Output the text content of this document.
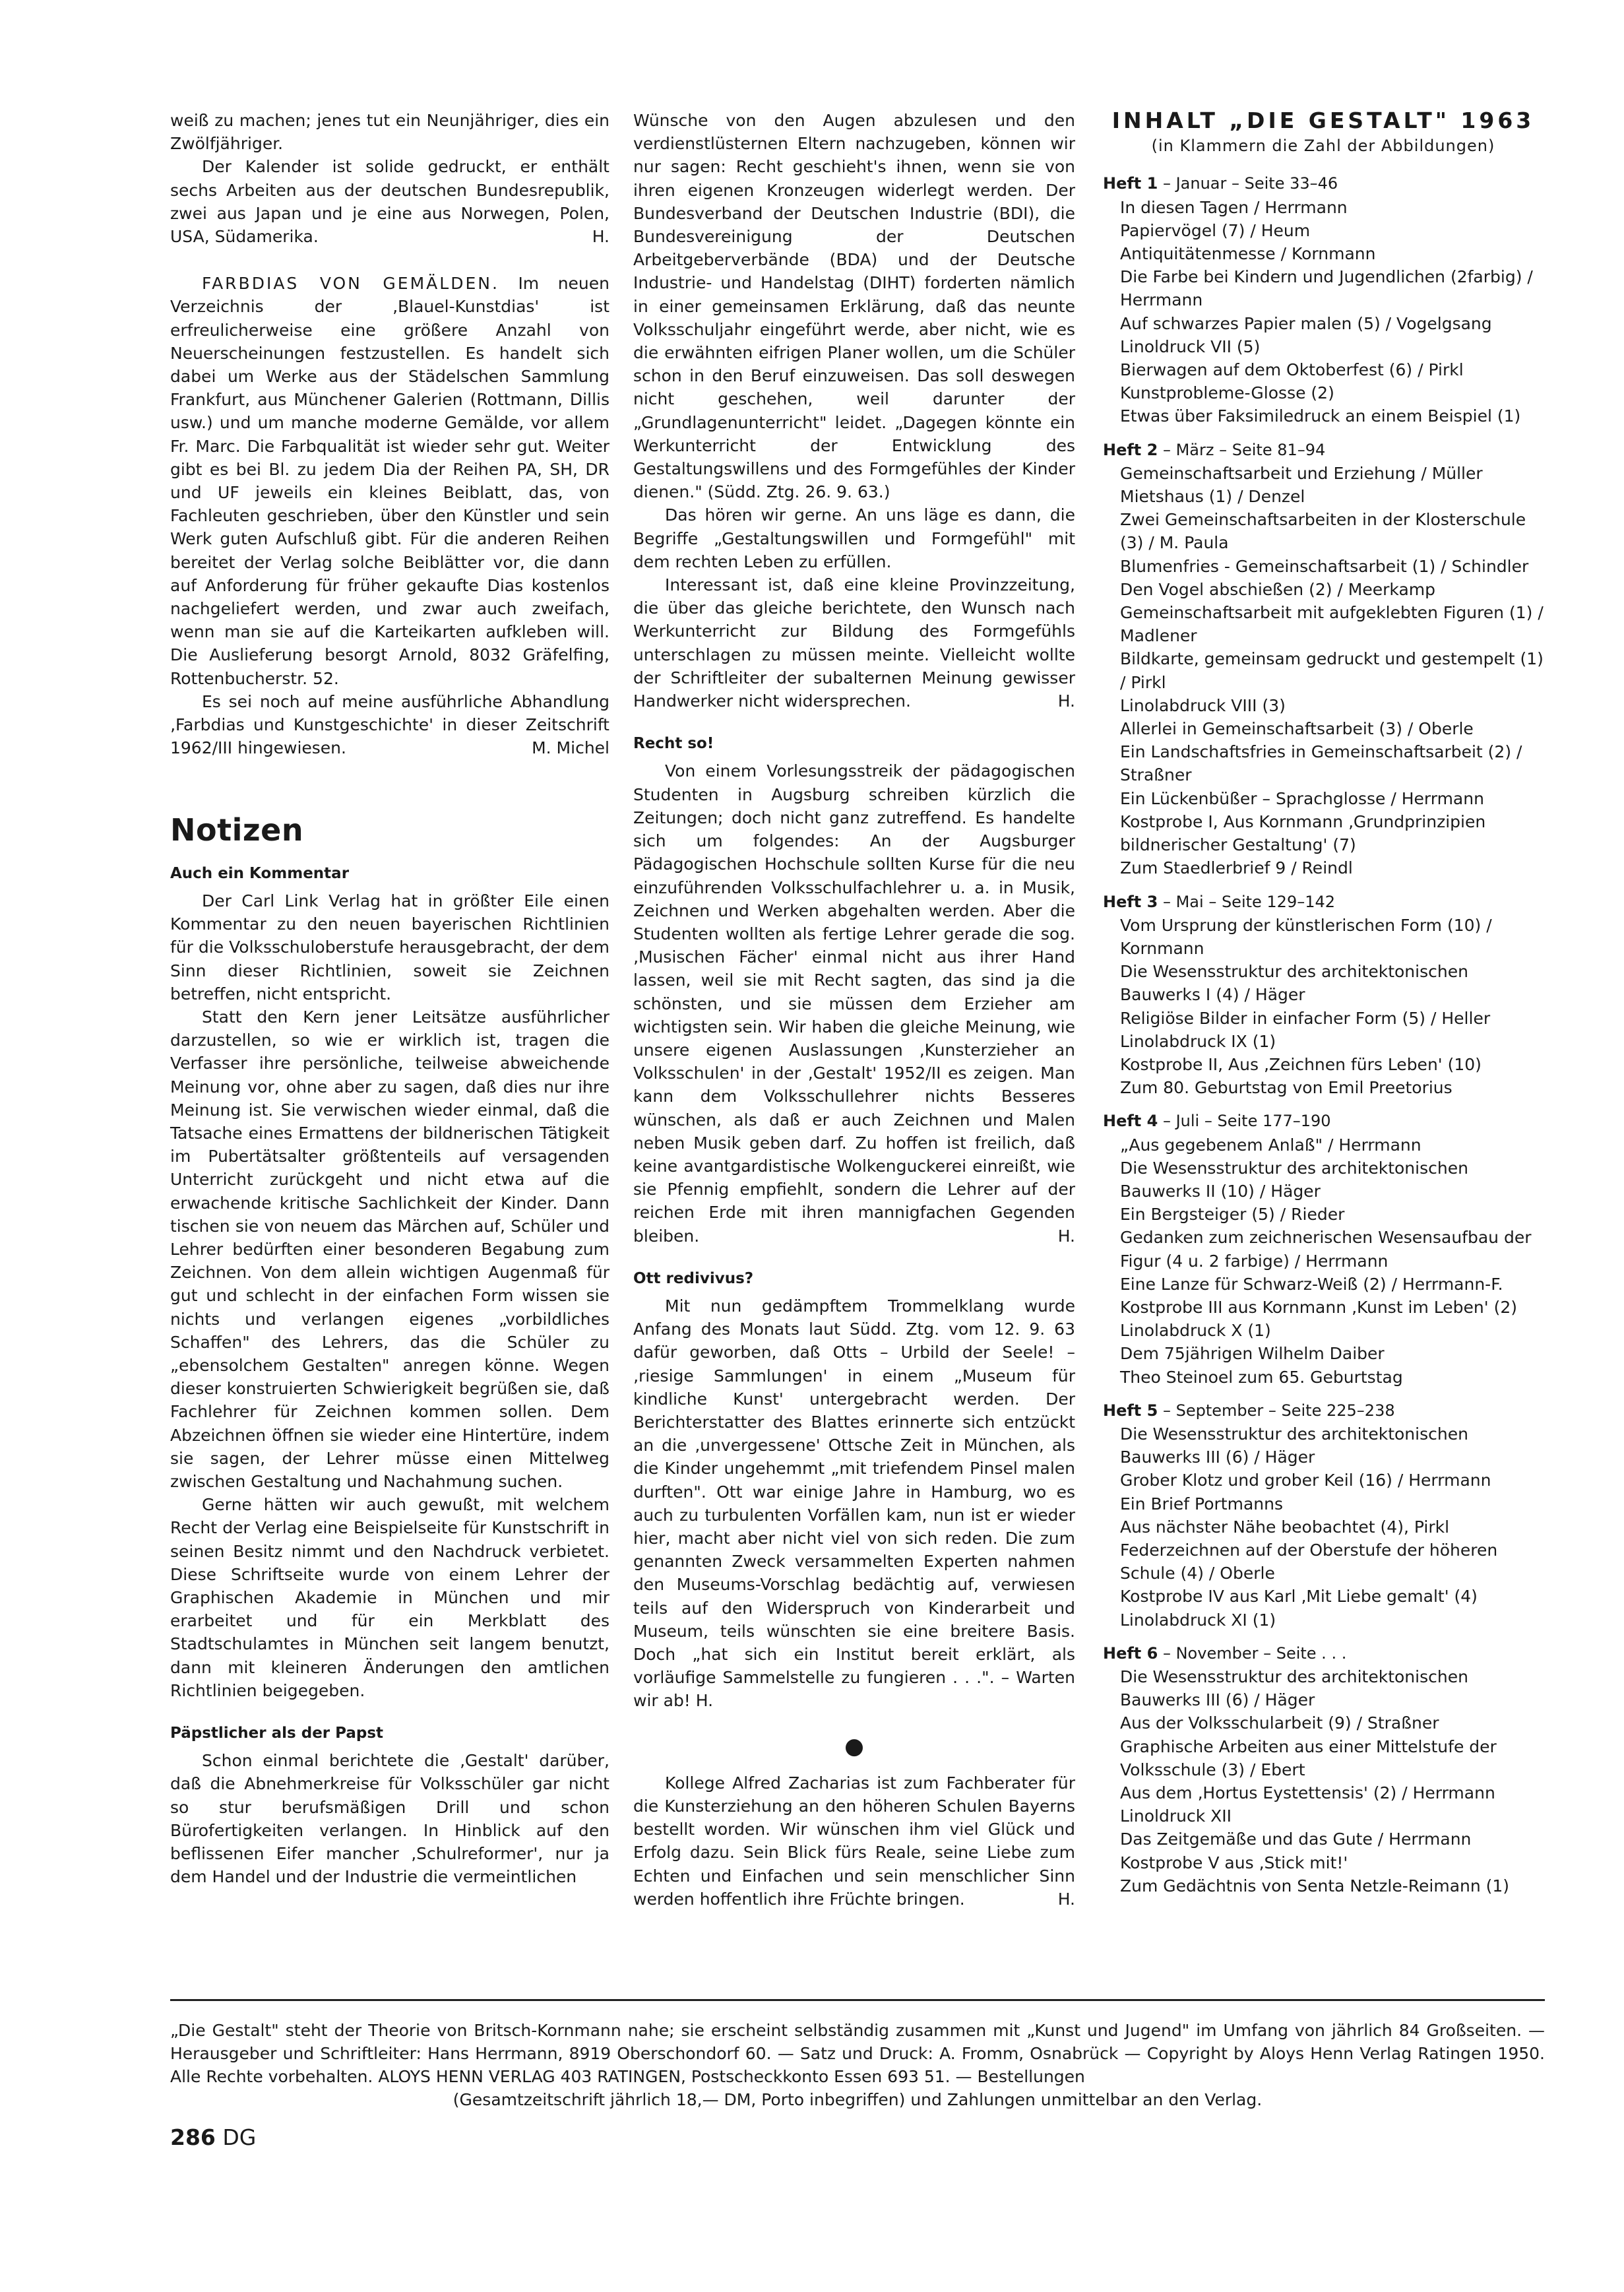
weiß zu machen; jenes tut ein Neunjähriger, dies ein Zwölfjähriger.

Der Kalender ist solide gedruckt, er enthält sechs Arbeiten aus der deutschen Bundesrepublik, zwei aus Japan und je eine aus Norwegen, Polen, USA, Südamerika.	H.

FARBDIAS VON GEMÄLDEN. Im neuen Verzeichnis der ‚Blauel-Kunstdias' ist erfreulicherweise eine größere Anzahl von Neuerscheinungen festzustellen. Es handelt sich dabei um Werke aus der Städelschen Sammlung Frankfurt, aus Münchener Galerien (Rottmann, Dillis usw.) und um manche moderne Gemälde, vor allem Fr. Marc. Die Farbqualität ist wieder sehr gut. Weiter gibt es bei Bl. zu jedem Dia der Reihen PA, SH, DR und UF jeweils ein kleines Beiblatt, das, von Fachleuten geschrieben, über den Künstler und sein Werk guten Aufschluß gibt. Für die anderen Reihen bereitet der Verlag solche Beiblätter vor, die dann auf Anforderung für früher gekaufte Dias kostenlos nachgeliefert werden, und zwar auch zweifach, wenn man sie auf die Karteikarten aufkleben will. Die Auslieferung besorgt Arnold, 8032 Gräfelfing, Rottenbucherstr. 52.

Es sei noch auf meine ausführliche Abhandlung ‚Farbdias und Kunstgeschichte' in dieser Zeitschrift 1962/III hingewiesen.	M. Michel

Notizen
Auch ein Kommentar

Der Carl Link Verlag hat in größter Eile einen Kommentar zu den neuen bayerischen Richtlinien für die Volksschuloberstufe herausgebracht, der dem Sinn dieser Richtlinien, soweit sie Zeichnen betreffen, nicht entspricht.

Statt den Kern jener Leitsätze ausführlicher darzustellen, so wie er wirklich ist, tragen die Verfasser ihre persönliche, teilweise abweichende Meinung vor, ohne aber zu sagen, daß dies nur ihre Meinung ist. Sie verwischen wieder einmal, daß die Tatsache eines Ermattens der bildnerischen Tätigkeit im Pubertätsalter größtenteils auf versagenden Unterricht zurückgeht und nicht etwa auf die erwachende kritische Sachlichkeit der Kinder. Dann tischen sie von neuem das Märchen auf, Schüler und Lehrer bedürften einer besonderen Begabung zum Zeichnen. Von dem allein wichtigen Augenmaß für gut und schlecht in der einfachen Form wissen sie nichts und verlangen eigenes „vorbildliches Schaffen" des Lehrers, das die Schüler zu „ebensolchem Gestalten" anregen könne. Wegen dieser konstruierten Schwierigkeit begrüßen sie, daß Fachlehrer für Zeichnen kommen sollen. Dem Abzeichnen öffnen sie wieder eine Hintertüre, indem sie sagen, der Lehrer müsse einen Mittelweg zwischen Gestaltung und Nachahmung suchen.

Gerne hätten wir auch gewußt, mit welchem Recht der Verlag eine Beispielseite für Kunstschrift in seinen Besitz nimmt und den Nachdruck verbietet. Diese Schriftseite wurde von einem Lehrer der Graphischen Akademie in München und mir erarbeitet und für ein Merkblatt des Stadtschulamtes in München seit langem benutzt, dann mit kleineren Änderungen den amtlichen Richtlinien beigegeben.

Päpstlicher als der Papst

Schon einmal berichtete die ‚Gestalt' darüber, daß die Abnehmerkreise für Volksschüler gar nicht so stur berufsmäßigen Drill und schon Bürofertigkeiten verlangen. In Hinblick auf den beflissenen Eifer mancher ‚Schulreformer', nur ja dem Handel und der Industrie die vermeintlichen

Wünsche von den Augen abzulesen und den verdienstlüsternen Eltern nachzugeben, können wir nur sagen: Recht geschieht's ihnen, wenn sie von ihren eigenen Kronzeugen widerlegt werden. Der Bundesverband der Deutschen Industrie (BDI), die Bundesvereinigung der Deutschen Arbeitgeberverbände (BDA) und der Deutsche Industrie- und Handelstag (DIHT) forderten nämlich in einer gemeinsamen Erklärung, daß das neunte Volksschuljahr eingeführt werde, aber nicht, wie es die erwähnten eifrigen Planer wollen, um die Schüler schon in den Beruf einzuweisen. Das soll deswegen nicht geschehen, weil darunter der „Grundlagenunterricht" leidet. „Dagegen könnte ein Werkunterricht der Entwicklung des Gestaltungswillens und des Formgefühles der Kinder dienen." (Südd. Ztg. 26. 9. 63.)

Das hören wir gerne. An uns läge es dann, die Begriffe „Gestaltungswillen und Formgefühl" mit dem rechten Leben zu erfüllen.

Interessant ist, daß eine kleine Provinzzeitung, die über das gleiche berichtete, den Wunsch nach Werkunterricht zur Bildung des Formgefühls unterschlagen zu müssen meinte. Vielleicht wollte der Schriftleiter der subalternen Meinung gewisser Handwerker nicht widersprechen.	H.

Recht so!

Von einem Vorlesungsstreik der pädagogischen Studenten in Augsburg schreiben kürzlich die Zeitungen; doch nicht ganz zutreffend. Es handelte sich um folgendes: An der Augsburger Pädagogischen Hochschule sollten Kurse für die neu einzuführenden Volksschulfachlehrer u. a. in Musik, Zeichnen und Werken abgehalten werden. Aber die Studenten wollten als fertige Lehrer gerade die sog. ‚Musischen Fächer' einmal nicht aus ihrer Hand lassen, weil sie mit Recht sagten, das sind ja die schönsten, und sie müssen dem Erzieher am wichtigsten sein. Wir haben die gleiche Meinung, wie unsere eigenen Auslassungen ‚Kunsterzieher an Volksschulen' in der ‚Gestalt' 1952/II es zeigen. Man kann dem Volksschullehrer nichts Besseres wünschen, als daß er auch Zeichnen und Malen neben Musik geben darf. Zu hoffen ist freilich, daß keine avantgardistische Wolkenguckerei einreißt, wie sie Pfennig empfiehlt, sondern die Lehrer auf der reichen Erde mit ihren mannigfachen Gegenden bleiben.	H.

Ott redivivus?

Mit nun gedämpftem Trommelklang wurde Anfang des Monats laut Südd. Ztg. vom 12. 9. 63 dafür geworben, daß Otts – Urbild der Seele! – ‚riesige Sammlungen' in einem „Museum für kindliche Kunst' untergebracht werden. Der Berichterstatter des Blattes erinnerte sich entzückt an die ‚unvergessene' Ottsche Zeit in München, als die Kinder ungehemmt „mit triefendem Pinsel malen durften". Ott war einige Jahre in Hamburg, wo es auch zu turbulenten Vorfällen kam, nun ist er wieder hier, macht aber nicht viel von sich reden. Die zum genannten Zweck versammelten Experten nahmen den Museums-Vorschlag bedächtig auf, verwiesen teils auf den Widerspruch von Kinderarbeit und Museum, teils wünschten sie eine breitere Basis. Doch „hat sich ein Institut bereit erklärt, als vorläufige Sammelstelle zu fungieren . . .". – Warten wir ab! H.

●

Kollege Alfred Zacharias ist zum Fachberater für die Kunsterziehung an den höheren Schulen Bayerns bestellt worden. Wir wünschen ihm viel Glück und Erfolg dazu. Sein Blick fürs Reale, seine Liebe zum Echten und Einfachen und sein menschlicher Sinn werden hoffentlich ihre Früchte bringen.	H.

INHALT „DIE GESTALT" 1963
(in Klammern die Zahl der Abbildungen)
Heft 1 – Januar – Seite 33–46
In diesen Tagen / Herrmann
Papiervögel (7) / Heum
Antiquitätenmesse / Kornmann
Die Farbe bei Kindern und Jugendlichen (2farbig) / Herrmann
Auf schwarzes Papier malen (5) / Vogelgsang
Linoldruck VII (5)
Bierwagen auf dem Oktoberfest (6) / Pirkl
Kunstprobleme-Glosse (2)
Etwas über Faksimiledruck an einem Beispiel (1)
Heft 2 – März – Seite 81–94
Gemeinschaftsarbeit und Erziehung / Müller
Mietshaus (1) / Denzel
Zwei Gemeinschaftsarbeiten in der Klosterschule (3) / M. Paula
Blumenfries - Gemeinschaftsarbeit (1) / Schindler
Den Vogel abschießen (2) / Meerkamp
Gemeinschaftsarbeit mit aufgeklebten Figuren (1) / Madlener
Bildkarte, gemeinsam gedruckt und gestempelt (1) / Pirkl
Linolabdruck VIII (3)
Allerlei in Gemeinschaftsarbeit (3) / Oberle
Ein Landschaftsfries in Gemeinschaftsarbeit (2) / Straßner
Ein Lückenbüßer – Sprachglosse / Herrmann
Kostprobe I, Aus Kornmann ‚Grundprinzipien bildnerischer Gestaltung' (7)
Zum Staedlerbrief 9 / Reindl
Heft 3 – Mai – Seite 129–142
Vom Ursprung der künstlerischen Form (10) / Kornmann
Die Wesensstruktur des architektonischen Bauwerks I (4) / Häger
Religiöse Bilder in einfacher Form (5) / Heller
Linolabdruck IX (1)
Kostprobe II, Aus ‚Zeichnen fürs Leben' (10)
Zum 80. Geburtstag von Emil Preetorius
Heft 4 – Juli – Seite 177–190
„Aus gegebenem Anlaß" / Herrmann
Die Wesensstruktur des architektonischen Bauwerks II (10) / Häger
Ein Bergsteiger (5) / Rieder
Gedanken zum zeichnerischen Wesensaufbau der Figur (4 u. 2 farbige) / Herrmann
Eine Lanze für Schwarz-Weiß (2) / Herrmann-F.
Kostprobe III aus Kornmann ‚Kunst im Leben' (2)
Linolabdruck X (1)
Dem 75jährigen Wilhelm Daiber
Theo Steinoel zum 65. Geburtstag
Heft 5 – September – Seite 225–238
Die Wesensstruktur des architektonischen Bauwerks III (6) / Häger
Grober Klotz und grober Keil (16) / Herrmann
Ein Brief Portmanns
Aus nächster Nähe beobachtet (4), Pirkl
Federzeichnen auf der Oberstufe der höheren Schule (4) / Oberle
Kostprobe IV aus Karl ‚Mit Liebe gemalt' (4)
Linolabdruck XI (1)
Heft 6 – November – Seite . . .
Die Wesensstruktur des architektonischen Bauwerks III (6) / Häger
Aus der Volksschularbeit (9) / Straßner
Graphische Arbeiten aus einer Mittelstufe der Volksschule (3) / Ebert
Aus dem ‚Hortus Eystettensis' (2) / Herrmann
Linoldruck XII
Das Zeitgemäße und das Gute / Herrmann
Kostprobe V aus ‚Stick mit!'
Zum Gedächtnis von Senta Netzle-Reimann (1)
„Die Gestalt" steht der Theorie von Britsch-Kornmann nahe; sie erscheint selbständig zusammen mit „Kunst und Jugend" im Umfang von jährlich 84 Großseiten. — Herausgeber und Schriftleiter: Hans Herrmann, 8919 Oberschondorf 60. — Satz und Druck: A. Fromm, Osnabrück — Copyright by Aloys Henn Verlag Ratingen 1950. Alle Rechte vorbehalten. ALOYS HENN VERLAG 403 RATINGEN, Postscheckkonto Essen 693 51. — Bestellungen
(Gesamtzeitschrift jährlich 18,— DM, Porto inbegriffen) und Zahlungen unmittelbar an den Verlag.
286 DG
